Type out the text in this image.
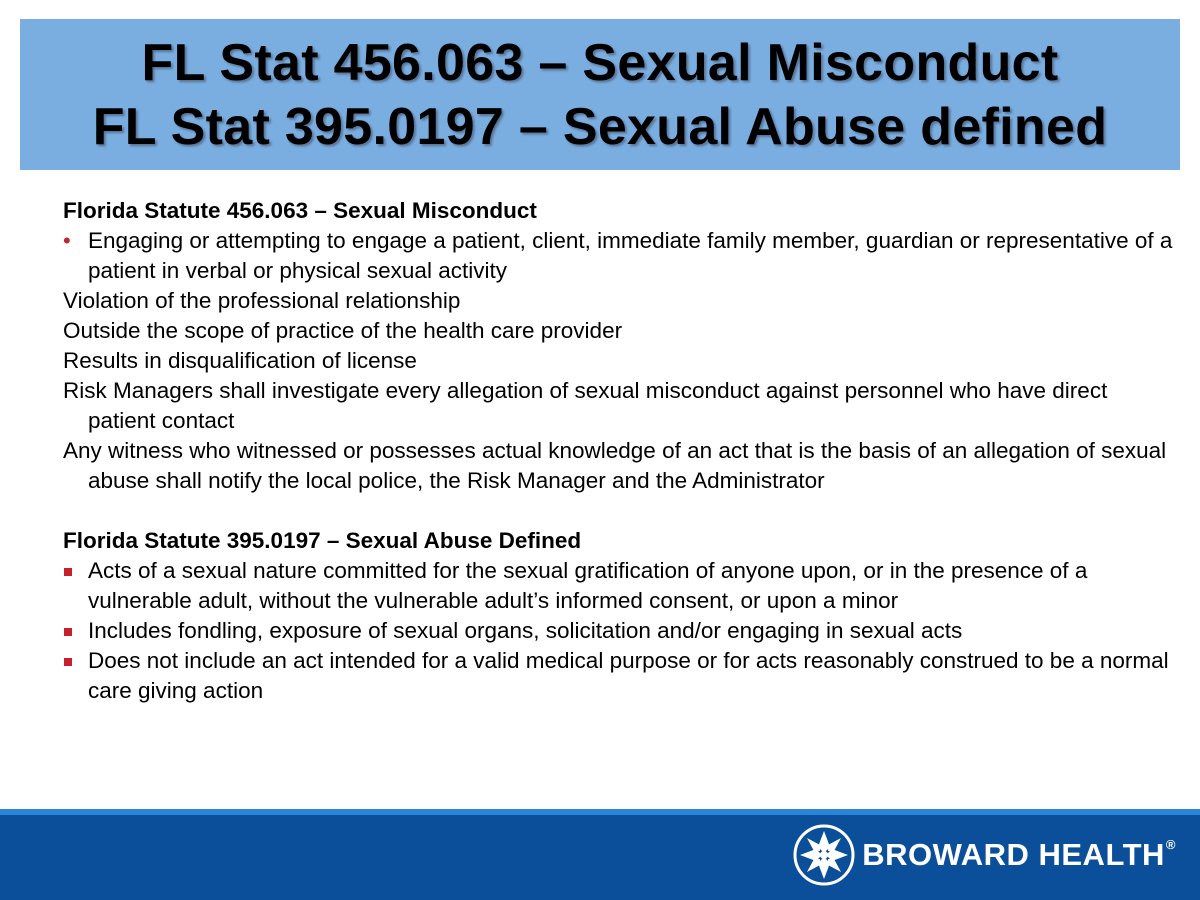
FL Stat 456.063 – Sexual Misconduct
FL Stat 395.0197 – Sexual Abuse defined
Florida Statute 456.063 – Sexual Misconduct
Engaging or attempting to engage a patient, client, immediate family member, guardian or representative of a patient in verbal or physical sexual activity
Violation of the professional relationship
Outside the scope of practice of the health care provider
Results in disqualification of license
Risk Managers shall investigate every allegation of sexual misconduct against personnel who have direct patient contact
Any witness who witnessed or possesses actual knowledge of an act that is the basis of an allegation of sexual abuse shall notify the local police, the Risk Manager and the Administrator
Florida Statute 395.0197 – Sexual Abuse Defined
Acts of a sexual nature committed for the sexual gratification of anyone upon, or in the presence of a vulnerable adult, without the vulnerable adult’s informed consent, or upon a minor
Includes fondling, exposure of sexual organs, solicitation and/or engaging in sexual acts
Does not include an act intended for a valid medical purpose or for acts reasonably construed to be a normal care giving action
BROWARD HEALTH®
